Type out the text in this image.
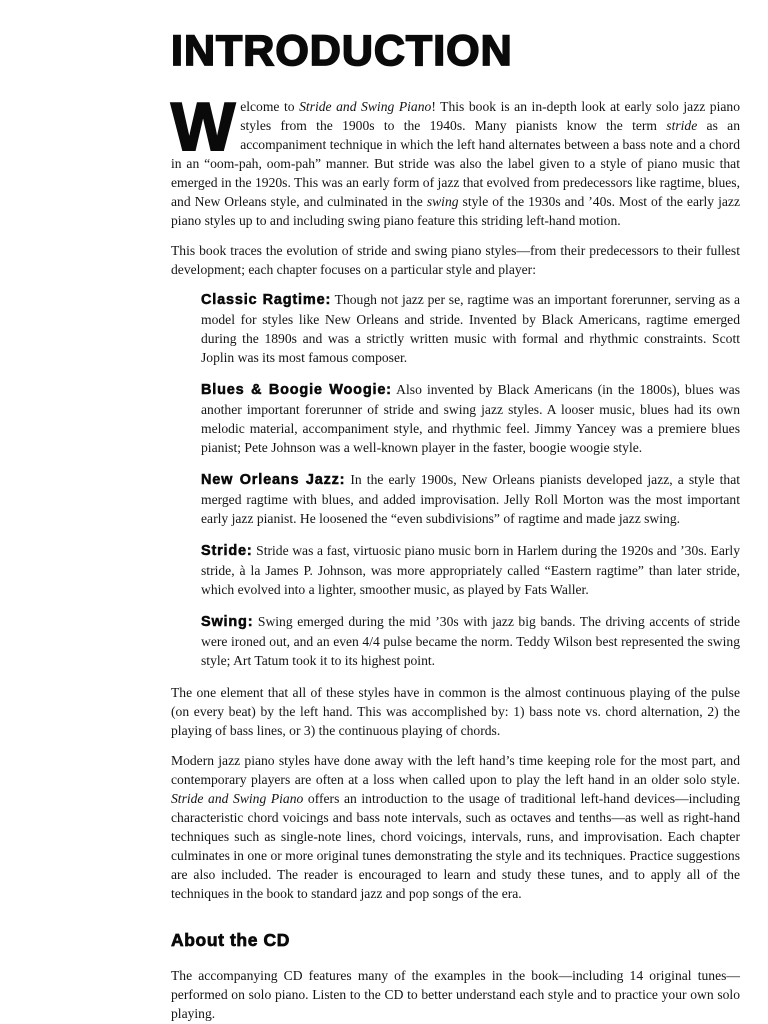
INTRODUCTION

Welcome to Stride and Swing Piano! This book is an in-depth look at early solo jazz piano styles from the 1900s to the 1940s. Many pianists know the term stride as an accompaniment technique in which the left hand alternates between a bass note and a chord in an “oom-pah, oom-pah” manner. But stride was also the label given to a style of piano music that emerged in the 1920s. This was an early form of jazz that evolved from predecessors like ragtime, blues, and New Orleans style, and culminated in the swing style of the 1930s and ’40s. Most of the early jazz piano styles up to and including swing piano feature this striding left-hand motion.

This book traces the evolution of stride and swing piano styles—from their predecessors to their fullest development; each chapter focuses on a particular style and player:

Classic Ragtime: Though not jazz per se, ragtime was an important forerunner, serving as a model for styles like New Orleans and stride. Invented by Black Americans, ragtime emerged during the 1890s and was a strictly written music with formal and rhythmic constraints. Scott Joplin was its most famous composer.
Blues & Boogie Woogie: Also invented by Black Americans (in the 1800s), blues was another important forerunner of stride and swing jazz styles. A looser music, blues had its own melodic material, accompaniment style, and rhythmic feel. Jimmy Yancey was a premiere blues pianist; Pete Johnson was a well-known player in the faster, boogie woogie style.
New Orleans Jazz: In the early 1900s, New Orleans pianists developed jazz, a style that merged ragtime with blues, and added improvisation. Jelly Roll Morton was the most important early jazz pianist. He loosened the “even subdivisions” of ragtime and made jazz swing.
Stride: Stride was a fast, virtuosic piano music born in Harlem during the 1920s and ’30s. Early stride, à la James P. Johnson, was more appropriately called “Eastern ragtime” than later stride, which evolved into a lighter, smoother music, as played by Fats Waller.
Swing: Swing emerged during the mid ’30s with jazz big bands. The driving accents of stride were ironed out, and an even 4/4 pulse became the norm. Teddy Wilson best represented the swing style; Art Tatum took it to its highest point.

The one element that all of these styles have in common is the almost continuous playing of the pulse (on every beat) by the left hand. This was accomplished by: 1) bass note vs. chord alternation, 2) the playing of bass lines, or 3) the continuous playing of chords.

Modern jazz piano styles have done away with the left hand’s time keeping role for the most part, and contemporary players are often at a loss when called upon to play the left hand in an older solo style. Stride and Swing Piano offers an introduction to the usage of traditional left-hand devices—including characteristic chord voicings and bass note intervals, such as octaves and tenths—as well as right-hand techniques such as single-note lines, chord voicings, intervals, runs, and improvisation. Each chapter culminates in one or more original tunes demonstrating the style and its techniques. Practice suggestions are also included. The reader is encouraged to learn and study these tunes, and to apply all of the techniques in the book to standard jazz and pop songs of the era.

About the CD

The accompanying CD features many of the examples in the book—including 14 original tunes—performed on solo piano. Listen to the CD to better understand each style and to practice your own solo playing.
